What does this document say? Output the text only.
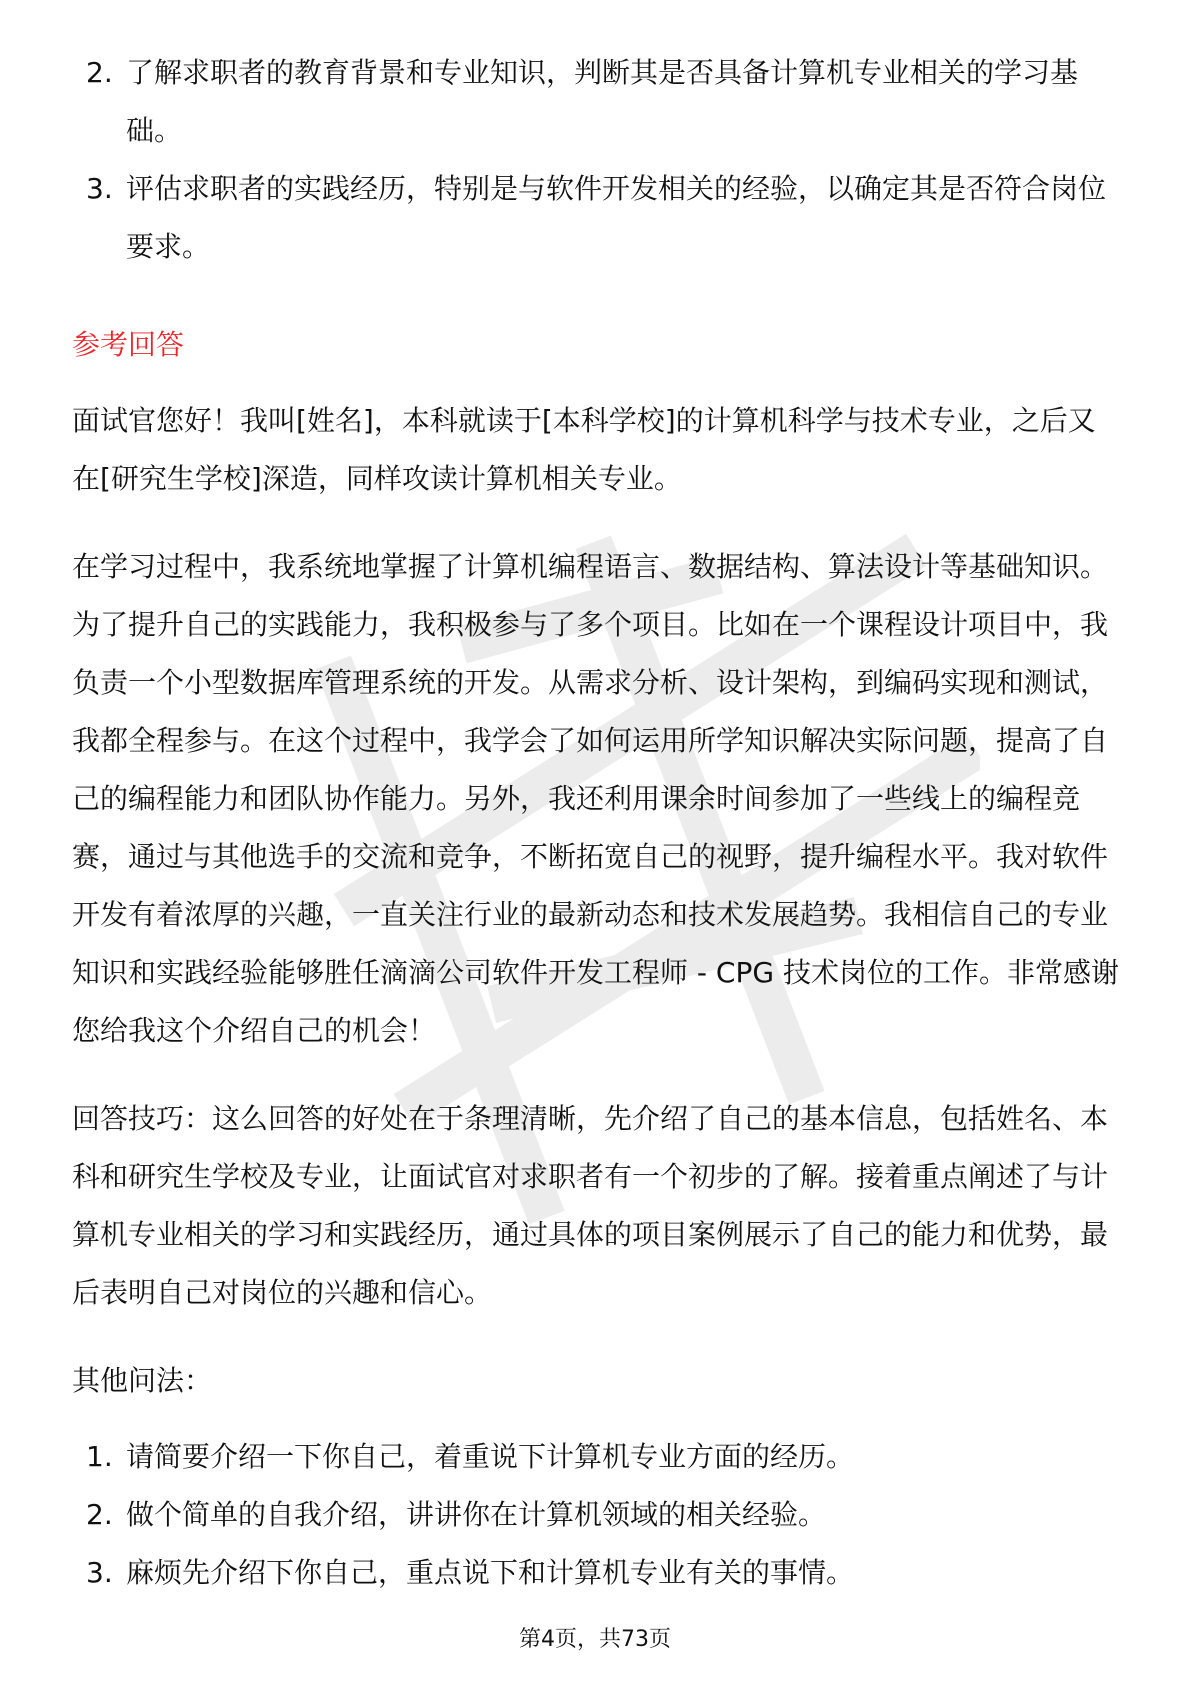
2. 了解求职者的教育背景和专业知识，判断其是否具备计算机专业相关的学习基础。
3. 评估求职者的实践经历，特别是与软件开发相关的经验，以确定其是否符合岗位要求。
参考回答

面试官您好！我叫[姓名]，本科就读于[本科学校]的计算机科学与技术专业，之后又在[研究生学校]深造，同样攻读计算机相关专业。

在学习过程中，我系统地掌握了计算机编程语言、数据结构、算法设计等基础知识。为了提升自己的实践能力，我积极参与了多个项目。比如在一个课程设计项目中，我负责一个小型数据库管理系统的开发。从需求分析、设计架构，到编码实现和测试，我都全程参与。在这个过程中，我学会了如何运用所学知识解决实际问题，提高了自己的编程能力和团队协作能力。另外，我还利用课余时间参加了一些线上的编程竞赛，通过与其他选手的交流和竞争，不断拓宽自己的视野，提升编程水平。我对软件开发有着浓厚的兴趣，一直关注行业的最新动态和技术发展趋势。我相信自己的专业知识和实践经验能够胜任滴滴公司软件开发工程师 - CPG 技术岗位的工作。非常感谢您给我这个介绍自己的机会！

回答技巧：这么回答的好处在于条理清晰，先介绍了自己的基本信息，包括姓名、本科和研究生学校及专业，让面试官对求职者有一个初步的了解。接着重点阐述了与计算机专业相关的学习和实践经历，通过具体的项目案例展示了自己的能力和优势，最后表明自己对岗位的兴趣和信心。

其他问法：

1. 请简要介绍一下你自己，着重说下计算机专业方面的经历。
2. 做个简单的自我介绍，讲讲你在计算机领域的相关经验。
3. 麻烦先介绍下你自己，重点说下和计算机专业有关的事情。
第4页，共73页
